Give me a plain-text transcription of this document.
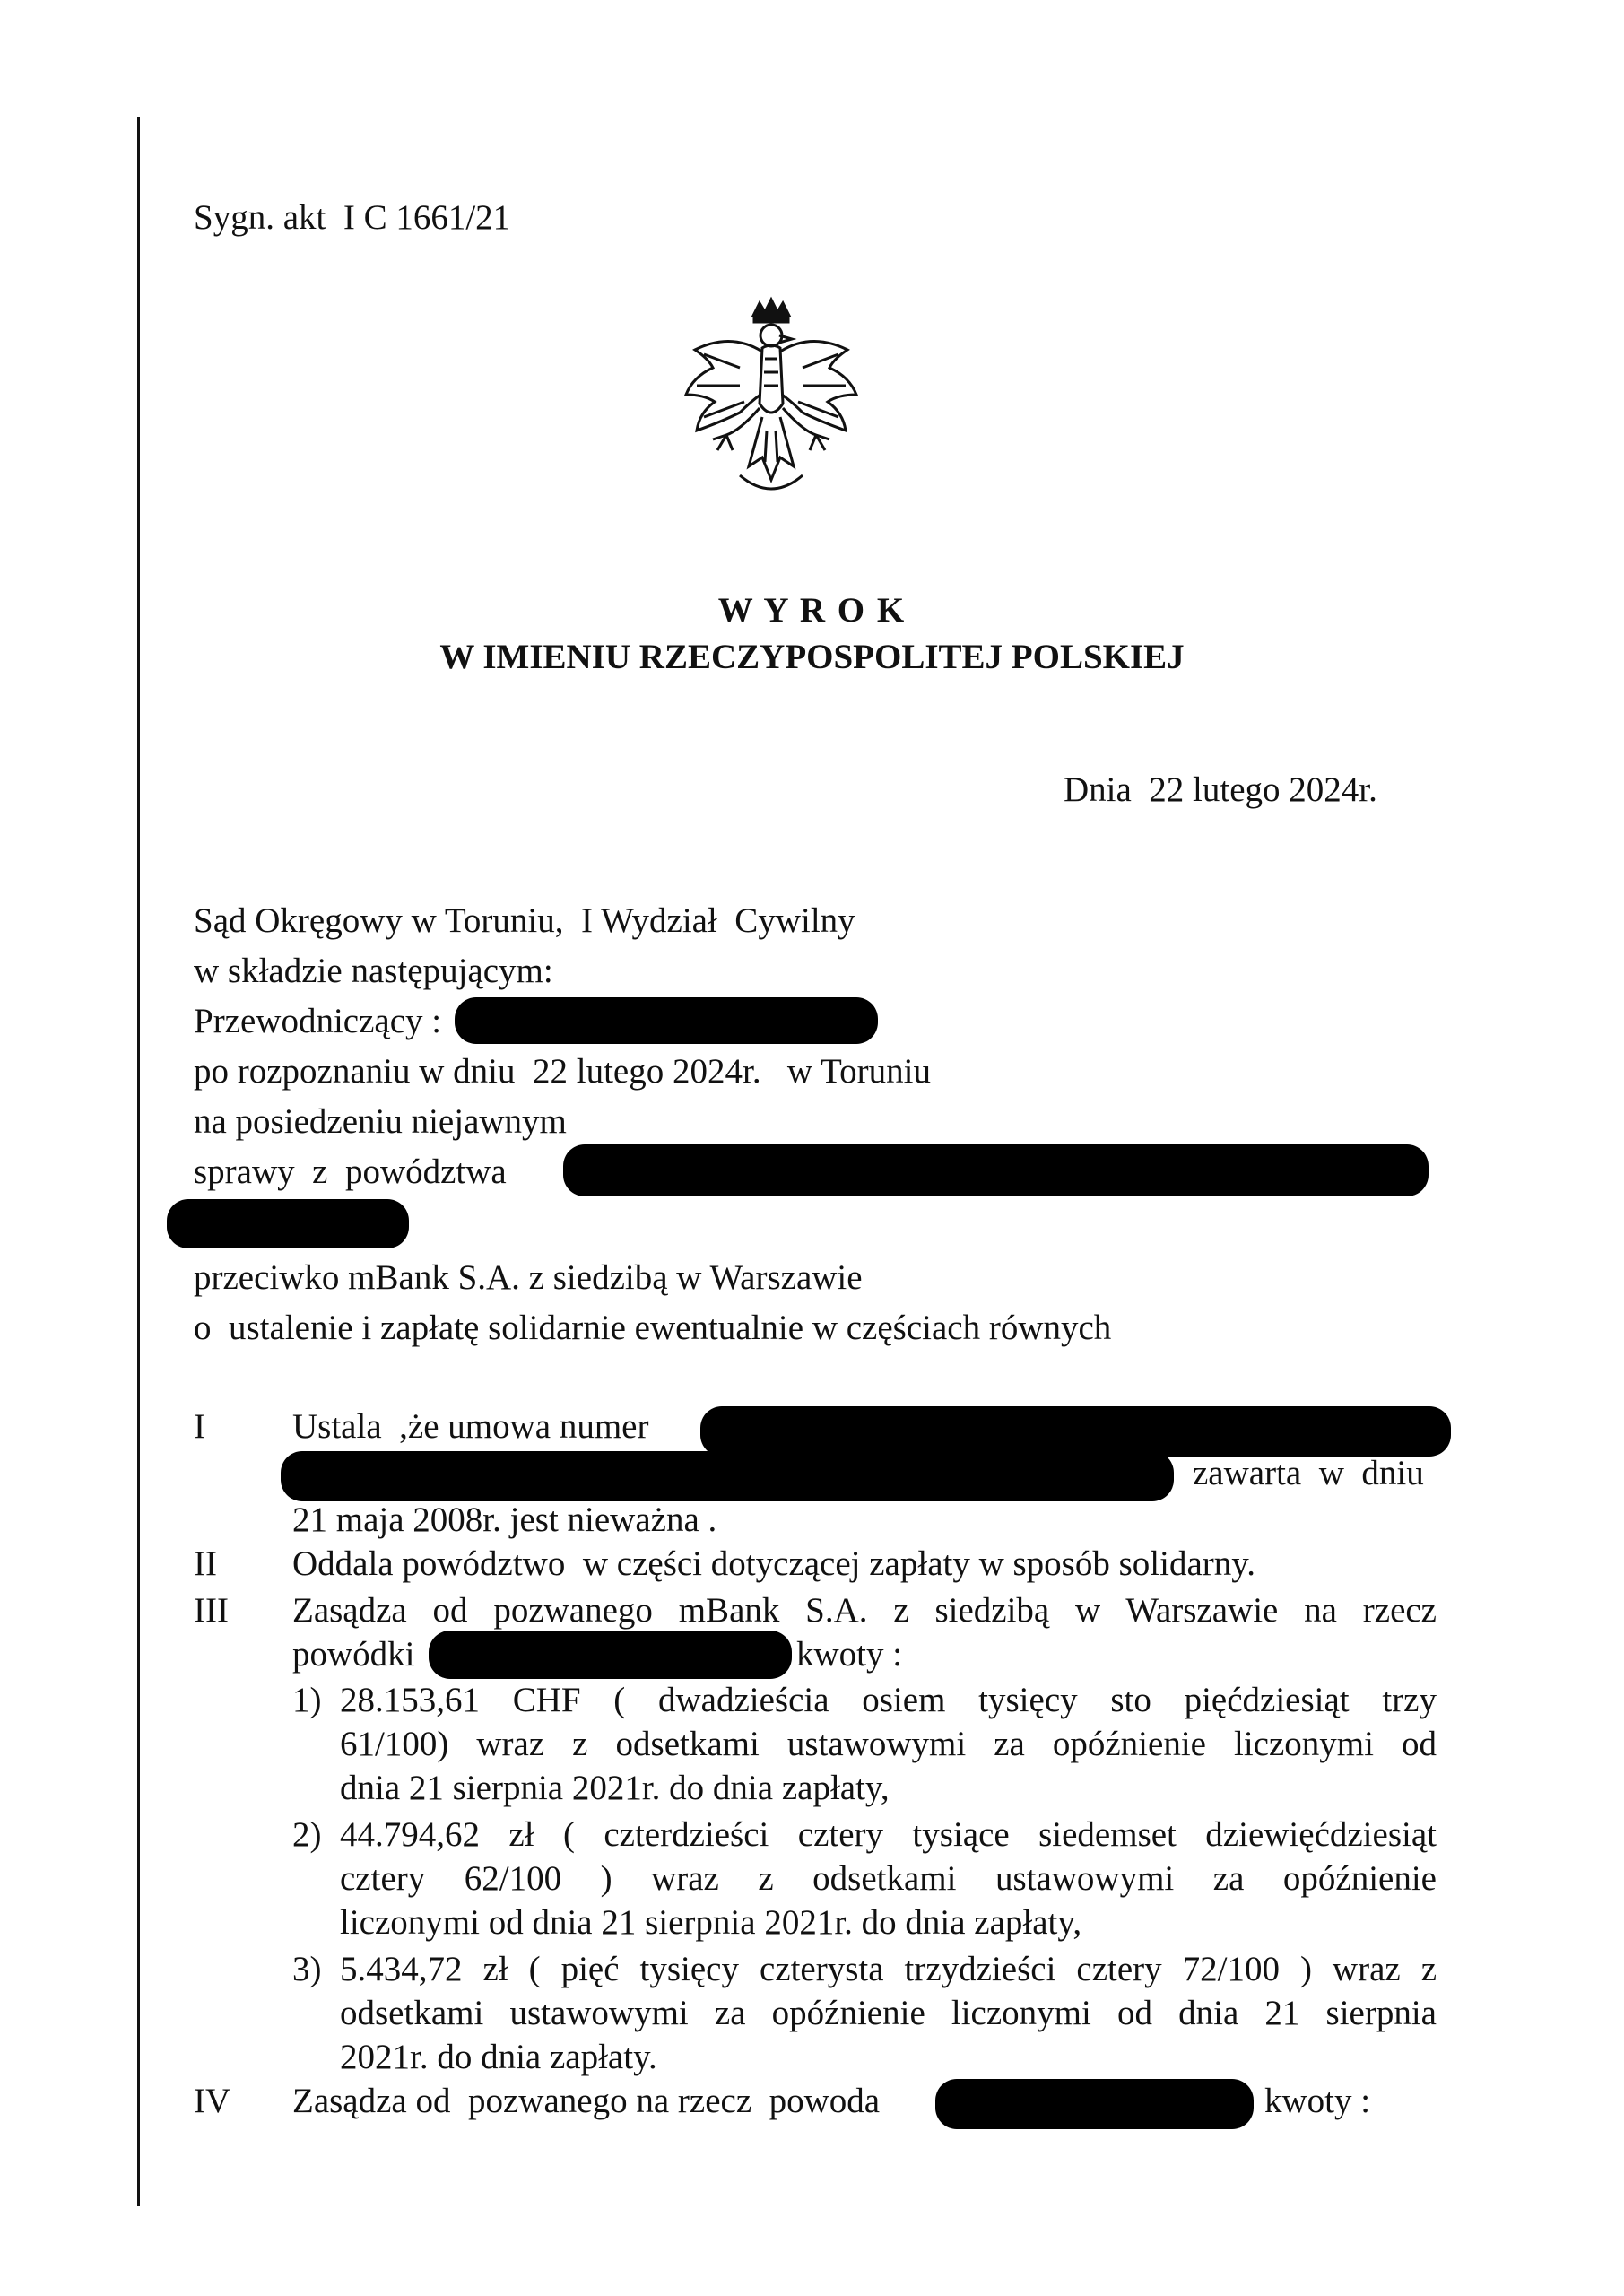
Sygn. akt  I C 1661/21
W Y R O K
W IMIENIU RZECZYPOSPOLITEJ POLSKIEJ
Dnia  22 lutego 2024r.
Sąd Okręgowy w Toruniu,  I Wydział  Cywilny
w składzie następującym:
Przewodniczący :
po rozpoznaniu w dniu  22 lutego 2024r.   w Toruniu
na posiedzeniu niejawnym
sprawy  z  powództwa
przeciwko mBank S.A. z siedzibą w Warszawie
o  ustalenie i zapłatę solidarnie ewentualnie w częściach równych
I Ustala  ,że umowa numer
zawarta  w  dniu
21 maja 2008r. jest nieważna .
II Oddala powództwo  w części dotyczącej zapłaty w sposób solidarny.
III Zasądza od pozwanego mBank S.A. z siedzibą w Warszawie na rzecz
powódki	kwoty :
1) 28.153,61 CHF ( dwadzieścia osiem tysięcy sto pięćdziesiąt trzy
61/100) wraz z odsetkami ustawowymi za opóźnienie liczonymi od
dnia 21 sierpnia 2021r. do dnia zapłaty,
2) 44.794,62 zł ( czterdzieści cztery tysiące siedemset dziewięćdziesiąt
cztery 62/100 ) wraz z odsetkami ustawowymi za opóźnienie
liczonymi od dnia 21 sierpnia 2021r. do dnia zapłaty,
3) 5.434,72 zł ( pięć tysięcy czterysta trzydzieści cztery 72/100 ) wraz z
odsetkami ustawowymi za opóźnienie liczonymi od dnia 21 sierpnia
2021r. do dnia zapłaty.
IV Zasądza od  pozwanego na rzecz  powoda	kwoty :
